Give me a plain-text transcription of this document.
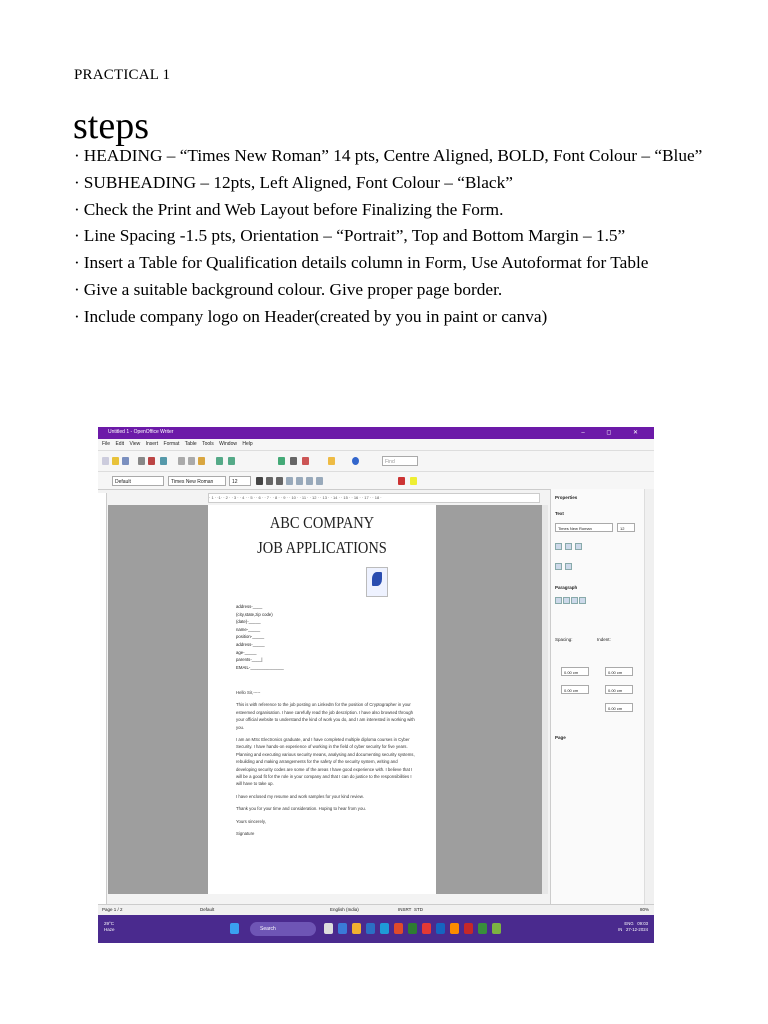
PRACTICAL 1
steps
· HEADING – “Times New Roman” 14 pts, Centre Aligned, BOLD, Font Colour – “Blue”
· SUBHEADING – 12pts, Left Aligned, Font Colour – “Black”
· Check the Print and Web Layout before Finalizing the Form.
· Line Spacing -1.5 pts, Orientation – “Portrait”, Top and Bottom Margin – 1.5”
· Insert a Table for Qualification details column in Form, Use Autoformat for Table
· Give a suitable background colour. Give proper page border.
· Include company logo on Header(created by you in paint or canva)
Untitled 1 - OpenOffice Writer	– ◻ ✕
File Edit View Insert Format Table Tools Window Help
Find
Default	Times New Roman	12
· 1 · ·1· · 2 · · 3 · · 4 · · 5 · · 6 · · 7 · · 8 · · 9 · · 10 · · 11 · · 12 · · 13 · · 14 · · 15 · · 16 · · 17 · · 18 ·
ABC COMPANY
JOB APPLICATIONS
address-____
(city,state,zip code)
(date)-_____
name-_____
position-_____
address-_____
age-_____
parents-____|
EMAIL-______________

Hello Sir,-----

This is with reference to the job posting on LinkedIn for the position of Cryptographer in your esteemed organisation. I have carefully read the job description. I have also browsed through your official website to understand the kind of work you do, and I am interested in working with you.

I am an MSc Electronics graduate, and I have completed multiple diploma courses in Cyber Security. I have hands-on experience of working in the field of cyber security for five years. Planning and executing various security means, analysing and documenting security systems, rebuilding and making arrangements for the safety of the security system, writing and developing security codes are some of the areas I have good experience with. I believe that I will be a good fit for the role in your company and that I can do justice to the responsibilities I will have to take up.

I have enclosed my resume and work samples for your kind review.

Thank you for your time and consideration. Hoping to hear from you.

Yours sincerely,

Signature

Properties
Text
Times New Roman	12
Paragraph
Spacing:	Indent:
0.00 cm
0.00 cm
0.00 cm
0.00 cm
0.00 cm
Page
Page 1 / 2	Default	English (India)	INSRT STD	80%
29°C
Haze	Search
ENG 09:03
IN 27-12-2024
